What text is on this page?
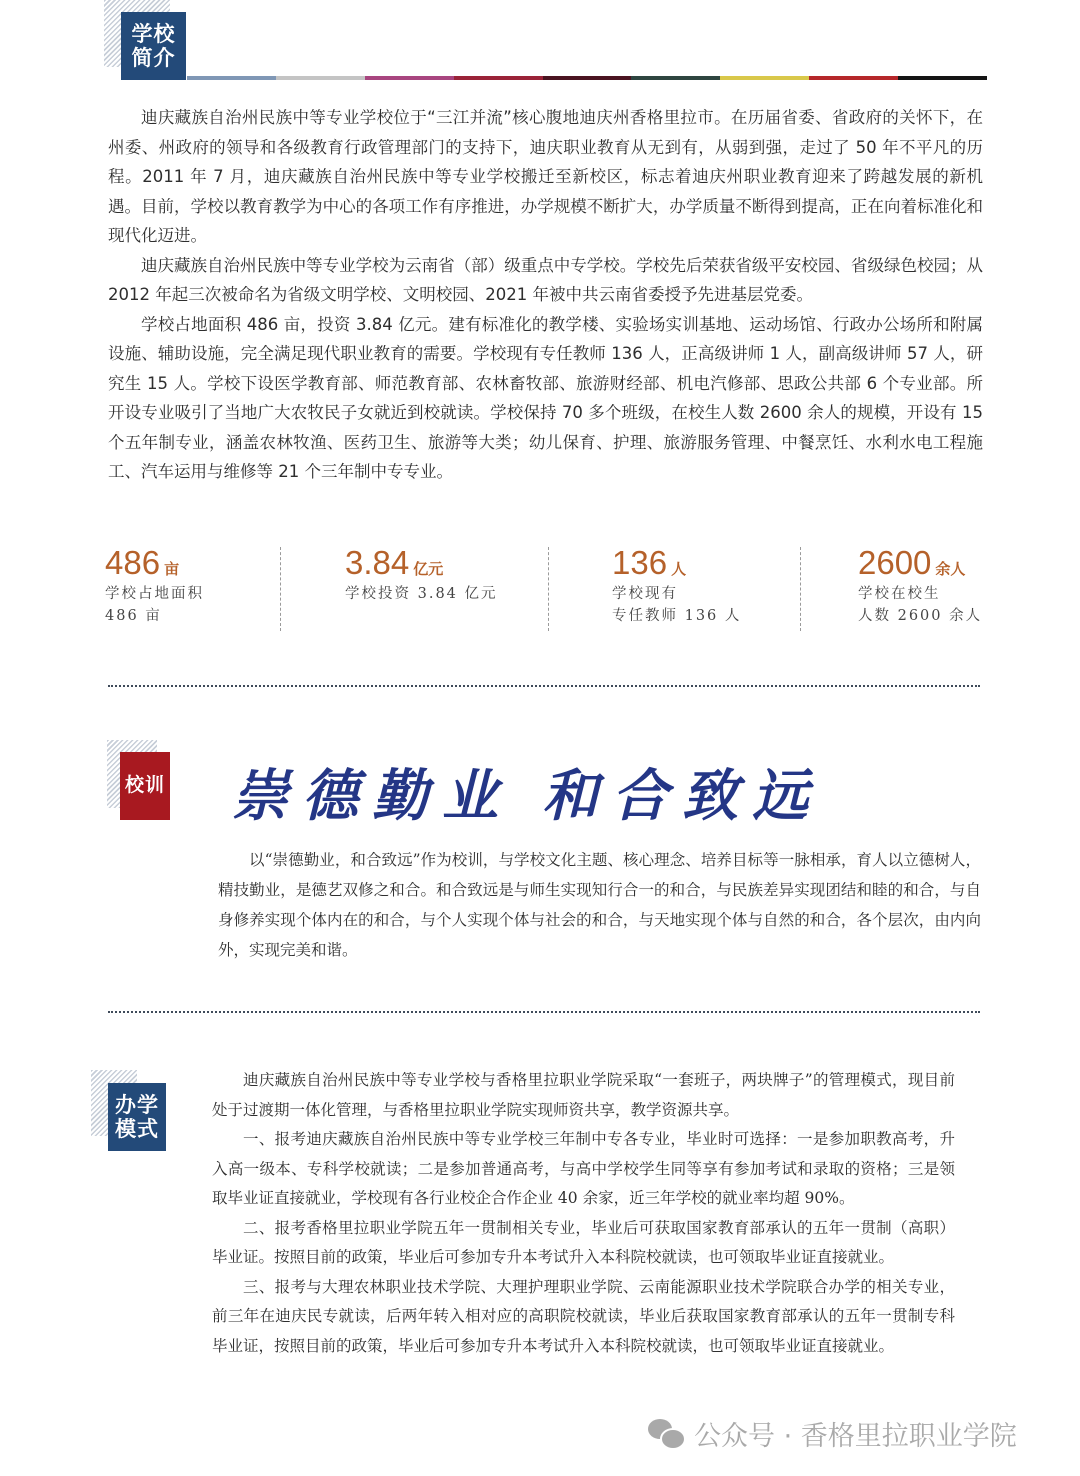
学校
简介

迪庆藏族自治州民族中等专业学校位于“三江并流”核心腹地迪庆州香格里拉市。在历届省委、省政府的关怀下，在州委、州政府的领导和各级教育行政管理部门的支持下，迪庆职业教育从无到有，从弱到强，走过了 50 年不平凡的历程。2011 年 7 月，迪庆藏族自治州民族中等专业学校搬迁至新校区，标志着迪庆州职业教育迎来了跨越发展的新机遇。目前，学校以教育教学为中心的各项工作有序推进，办学规模不断扩大，办学质量不断得到提高，正在向着标准化和现代化迈进。

迪庆藏族自治州民族中等专业学校为云南省（部）级重点中专学校。学校先后荣获省级平安校园、省级绿色校园；从 2012 年起三次被命名为省级文明学校、文明校园、2021 年被中共云南省委授予先进基层党委。

学校占地面积 486 亩，投资 3.84 亿元。建有标准化的教学楼、实验场实训基地、运动场馆、行政办公场所和附属设施、辅助设施，完全满足现代职业教育的需要。学校现有专任教师 136 人，正高级讲师 1 人，副高级讲师 57 人，研究生 15 人。学校下设医学教育部、师范教育部、农林畜牧部、旅游财经部、机电汽修部、思政公共部 6 个专业部。所开设专业吸引了当地广大农牧民子女就近到校就读。学校保持 70 多个班级，在校生人数 2600 余人的规模，开设有 15 个五年制专业，涵盖农林牧渔、医药卫生、旅游等大类；幼儿保育、护理、旅游服务管理、中餐烹饪、水利水电工程施工、汽车运用与维修等 21 个三年制中专专业。

486 亩
学校占地面积
486 亩
3.84 亿元
学校投资 3.84 亿元
136 人
学校现有
专任教师 136 人
2600 余人
学校在校生
人数 2600 余人
校训 崇德勤业 和合致远

以“崇德勤业，和合致远”作为校训，与学校文化主题、核心理念、培养目标等一脉相承，育人以立德树人，精技勤业，是德艺双修之和合。和合致远是与师生实现知行合一的和合，与民族差异实现团结和睦的和合，与自身修养实现个体内在的和合，与个人实现个体与社会的和合，与天地实现个体与自然的和合，各个层次，由内向外，实现完美和谐。

办学
模式

迪庆藏族自治州民族中等专业学校与香格里拉职业学院采取“一套班子，两块牌子”的管理模式，现目前处于过渡期一体化管理，与香格里拉职业学院实现师资共享，教学资源共享。

一、报考迪庆藏族自治州民族中等专业学校三年制中专各专业，毕业时可选择：一是参加职教高考，升入高一级本、专科学校就读；二是参加普通高考，与高中学校学生同等享有参加考试和录取的资格；三是领取毕业证直接就业，学校现有各行业校企合作企业 40 余家，近三年学校的就业率均超 90%。

二、报考香格里拉职业学院五年一贯制相关专业，毕业后可获取国家教育部承认的五年一贯制（高职）毕业证。按照目前的政策，毕业后可参加专升本考试升入本科院校就读，也可领取毕业证直接就业。

三、报考与大理农林职业技术学院、大理护理职业学院、云南能源职业技术学院联合办学的相关专业，前三年在迪庆民专就读，后两年转入相对应的高职院校就读，毕业后获取国家教育部承认的五年一贯制专科毕业证，按照目前的政策，毕业后可参加专升本考试升入本科院校就读，也可领取毕业证直接就业。

公众号 · 香格里拉职业学院
